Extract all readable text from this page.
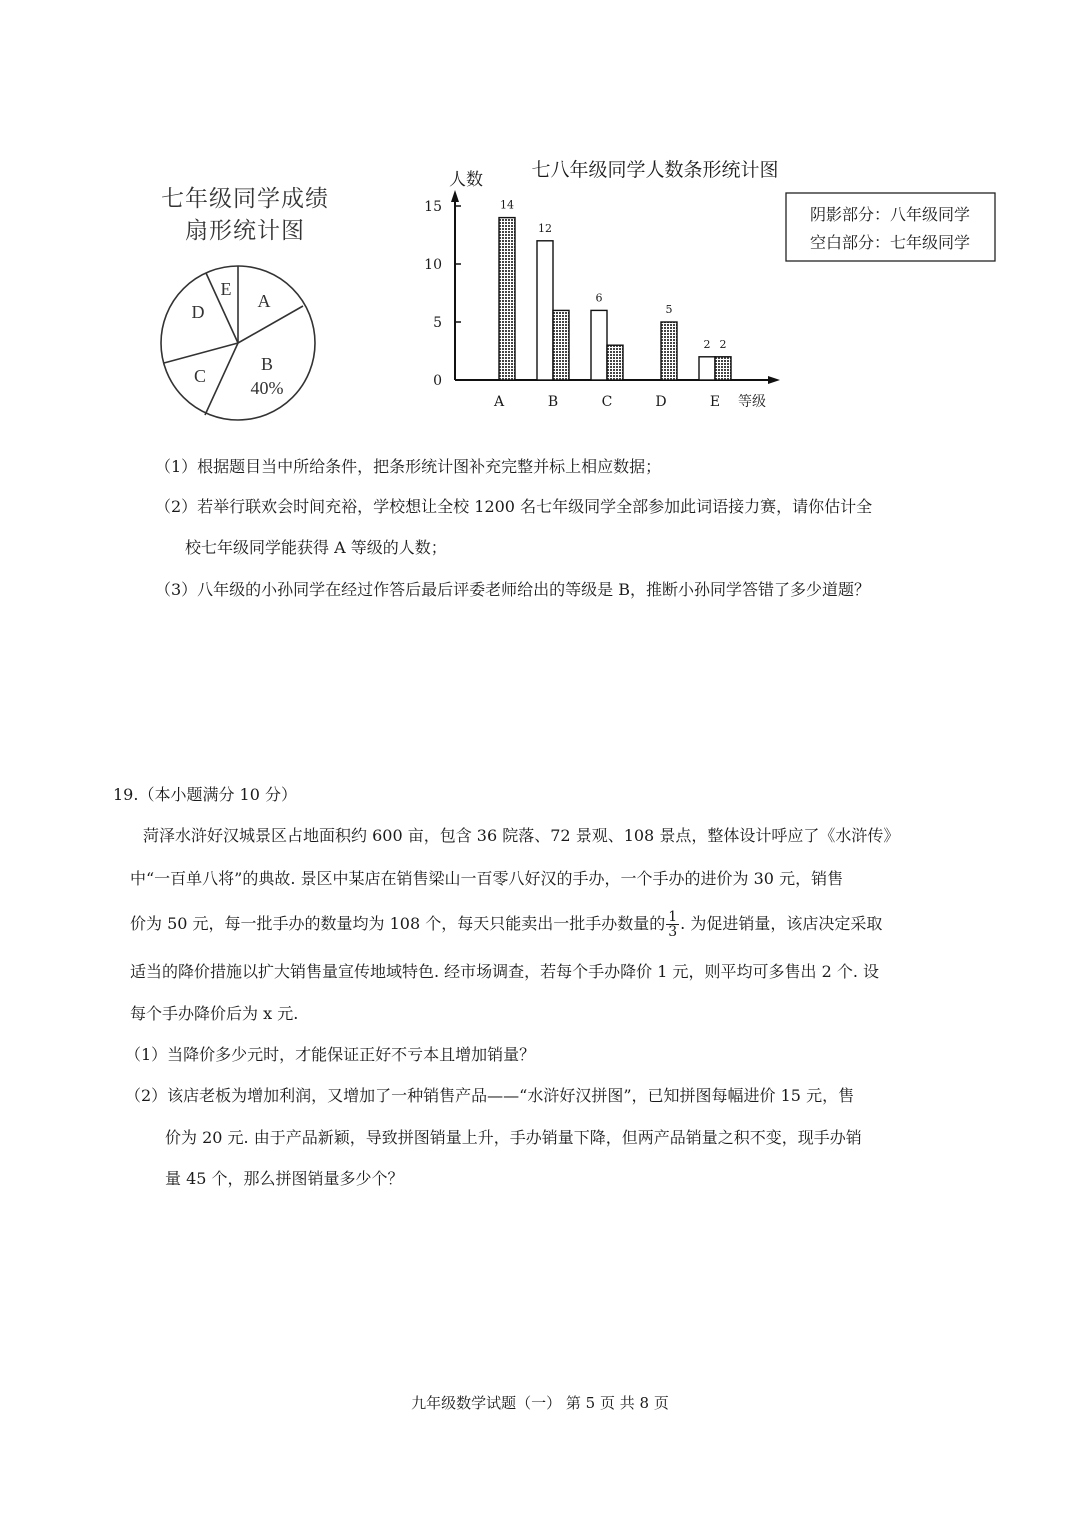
七年级同学成绩
扇形统计图
A
B
40%
C
D
E
七八年级同学人数条形统计图
人数
等级
0
5
10
15
A	B	C	D	E
14
12
6
5
2 2
阴影部分：八年级同学
空白部分：七年级同学
（1）根据题目当中所给条件，把条形统计图补充完整并标上相应数据；
（2）若举行联欢会时间充裕，学校想让全校 1200 名七年级同学全部参加此词语接力赛，请你估计全
校七年级同学能获得 A 等级的人数；
（3）八年级的小孙同学在经过作答后最后评委老师给出的等级是 B，推断小孙同学答错了多少道题？
19.（本小题满分 10 分）
菏泽水浒好汉城景区占地面积约 600 亩，包含 36 院落、72 景观、108 景点，整体设计呼应了《水浒传》
中“一百单八将”的典故. 景区中某店在销售梁山一百零八好汉的手办，一个手办的进价为 30 元，销售
价为 50 元，每一批手办的数量均为 108 个，每天只能卖出一批手办数量的 $\frac{1}{3}$ . 为促进销量，该店决定采取
适当的降价措施以扩大销售量宣传地域特色. 经市场调查，若每个手办降价 1 元，则平均可多售出 2 个. 设
每个手办降价后为 x 元.
（1）当降价多少元时，才能保证正好不亏本且增加销量？
（2）该店老板为增加利润，又增加了一种销售产品——“水浒好汉拼图”，已知拼图每幅进价 15 元，售
价为 20 元. 由于产品新颖，导致拼图销量上升，手办销量下降，但两产品销量之积不变，现手办销
量 45 个，那么拼图销量多少个？
九年级数学试题（一） 第 5 页 共 8 页
